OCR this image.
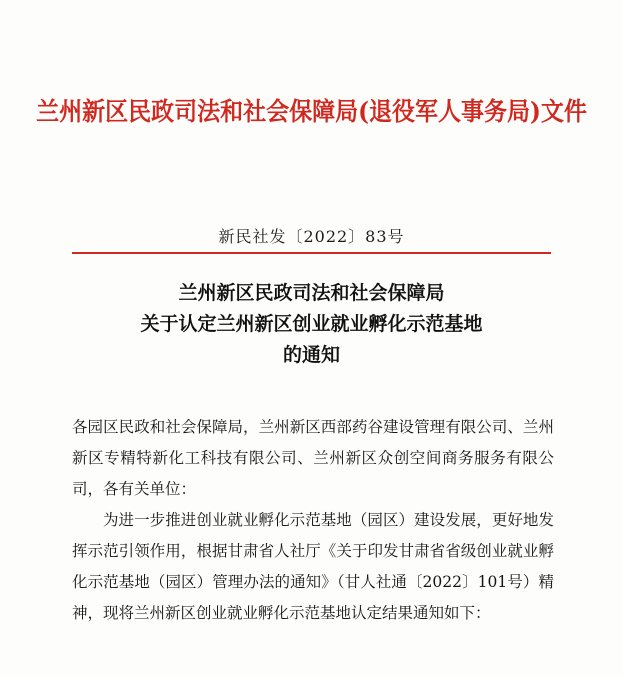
兰州新区民政司法和社会保障局(退役军人事务局)文件
新民社发〔2022〕83号
兰州新区民政司法和社会保障局
关于认定兰州新区创业就业孵化示范基地
的通知

各园区民政和社会保障局，兰州新区西部药谷建设管理有限公司、兰州新区专精特新化工科技有限公司、兰州新区众创空间商务服务有限公司，各有关单位：

为进一步推进创业就业孵化示范基地（园区）建设发展，更好地发挥示范引领作用，根据甘肃省人社厅《关于印发甘肃省省级创业就业孵化示范基地（园区）管理办法的通知》（甘人社通〔2022〕101号）精神，现将兰州新区创业就业孵化示范基地认定结果通知如下：
